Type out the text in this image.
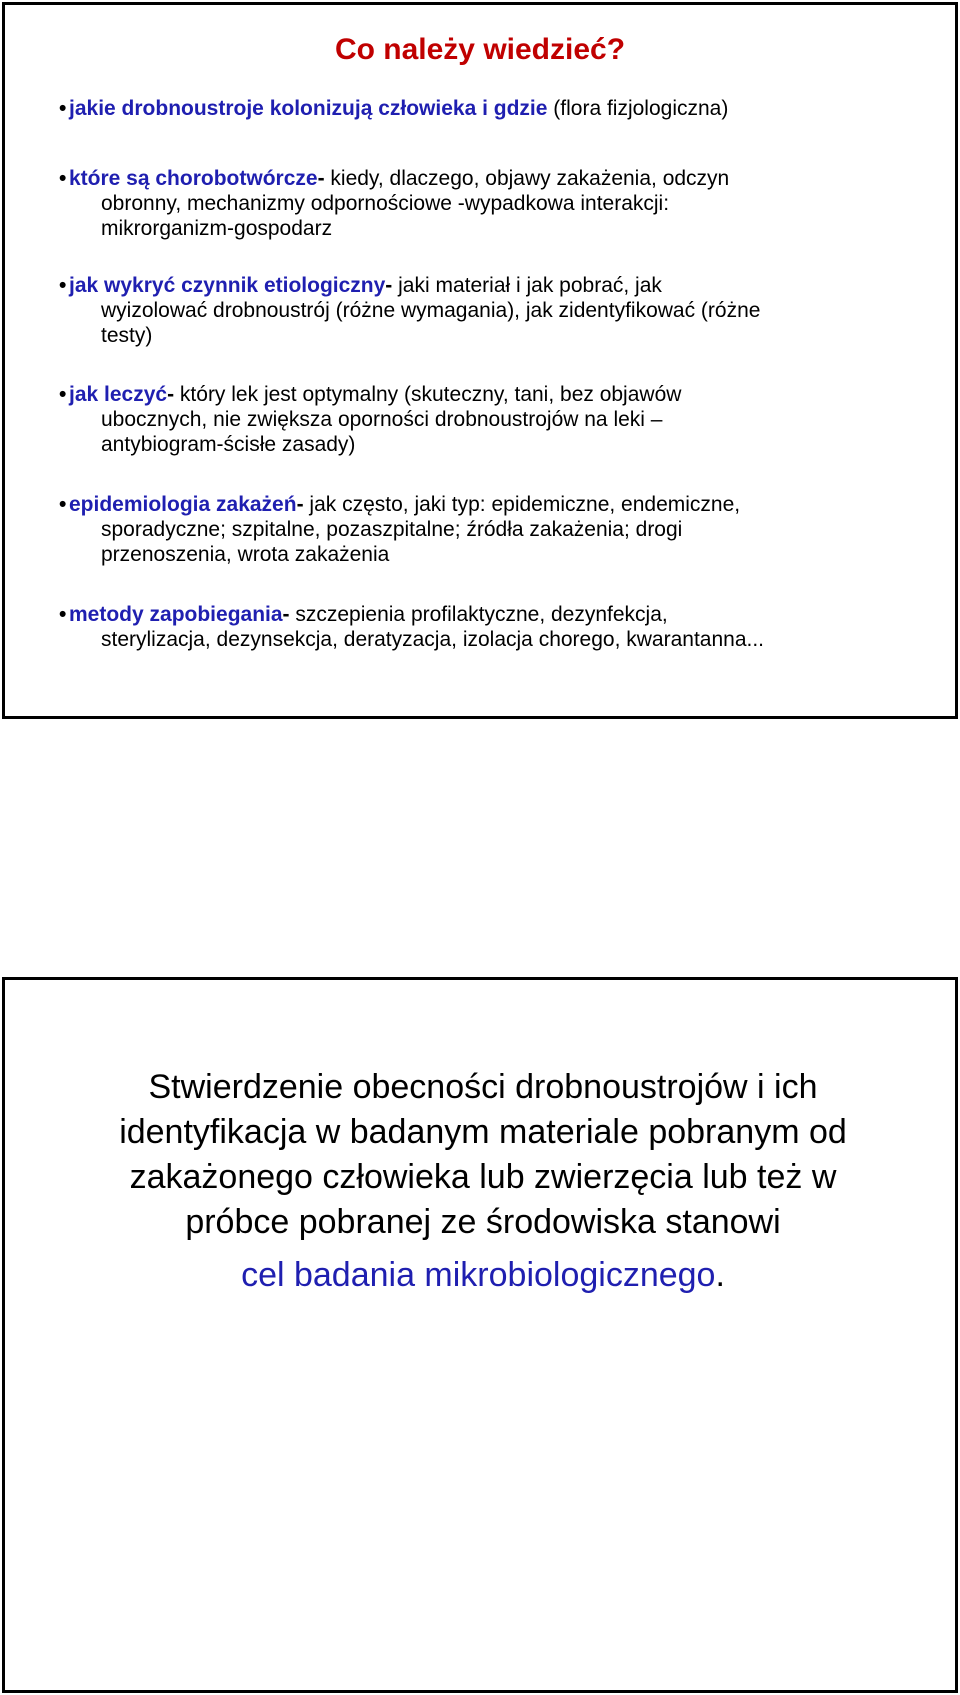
Co należy wiedzieć?
• jakie drobnoustroje kolonizują człowieka i gdzie (flora fizjologiczna)
• które są chorobotwórcze- kiedy, dlaczego, objawy zakażenia, odczyn
obronny, mechanizmy odpornościowe -wypadkowa interakcji:
mikrorganizm-gospodarz
• jak wykryć czynnik etiologiczny- jaki materiał i jak pobrać, jak
wyizolować drobnoustrój (różne wymagania), jak zidentyfikować (różne
testy)
• jak leczyć- który lek jest optymalny (skuteczny, tani, bez objawów
ubocznych, nie zwiększa oporności drobnoustrojów na leki –
antybiogram-ścisłe zasady)
• epidemiologia zakażeń- jak często, jaki typ: epidemiczne, endemiczne,
sporadyczne; szpitalne, pozaszpitalne; źródła zakażenia; drogi
przenoszenia, wrota zakażenia
• metody zapobiegania- szczepienia profilaktyczne, dezynfekcja,
sterylizacja, dezynsekcja, deratyzacja, izolacja chorego, kwarantanna...
Stwierdzenie obecności drobnoustrojów i ich
identyfikacja w badanym materiale pobranym od
zakażonego człowieka lub zwierzęcia lub też w
próbce pobranej ze środowiska stanowi
cel badania mikrobiologicznego.
